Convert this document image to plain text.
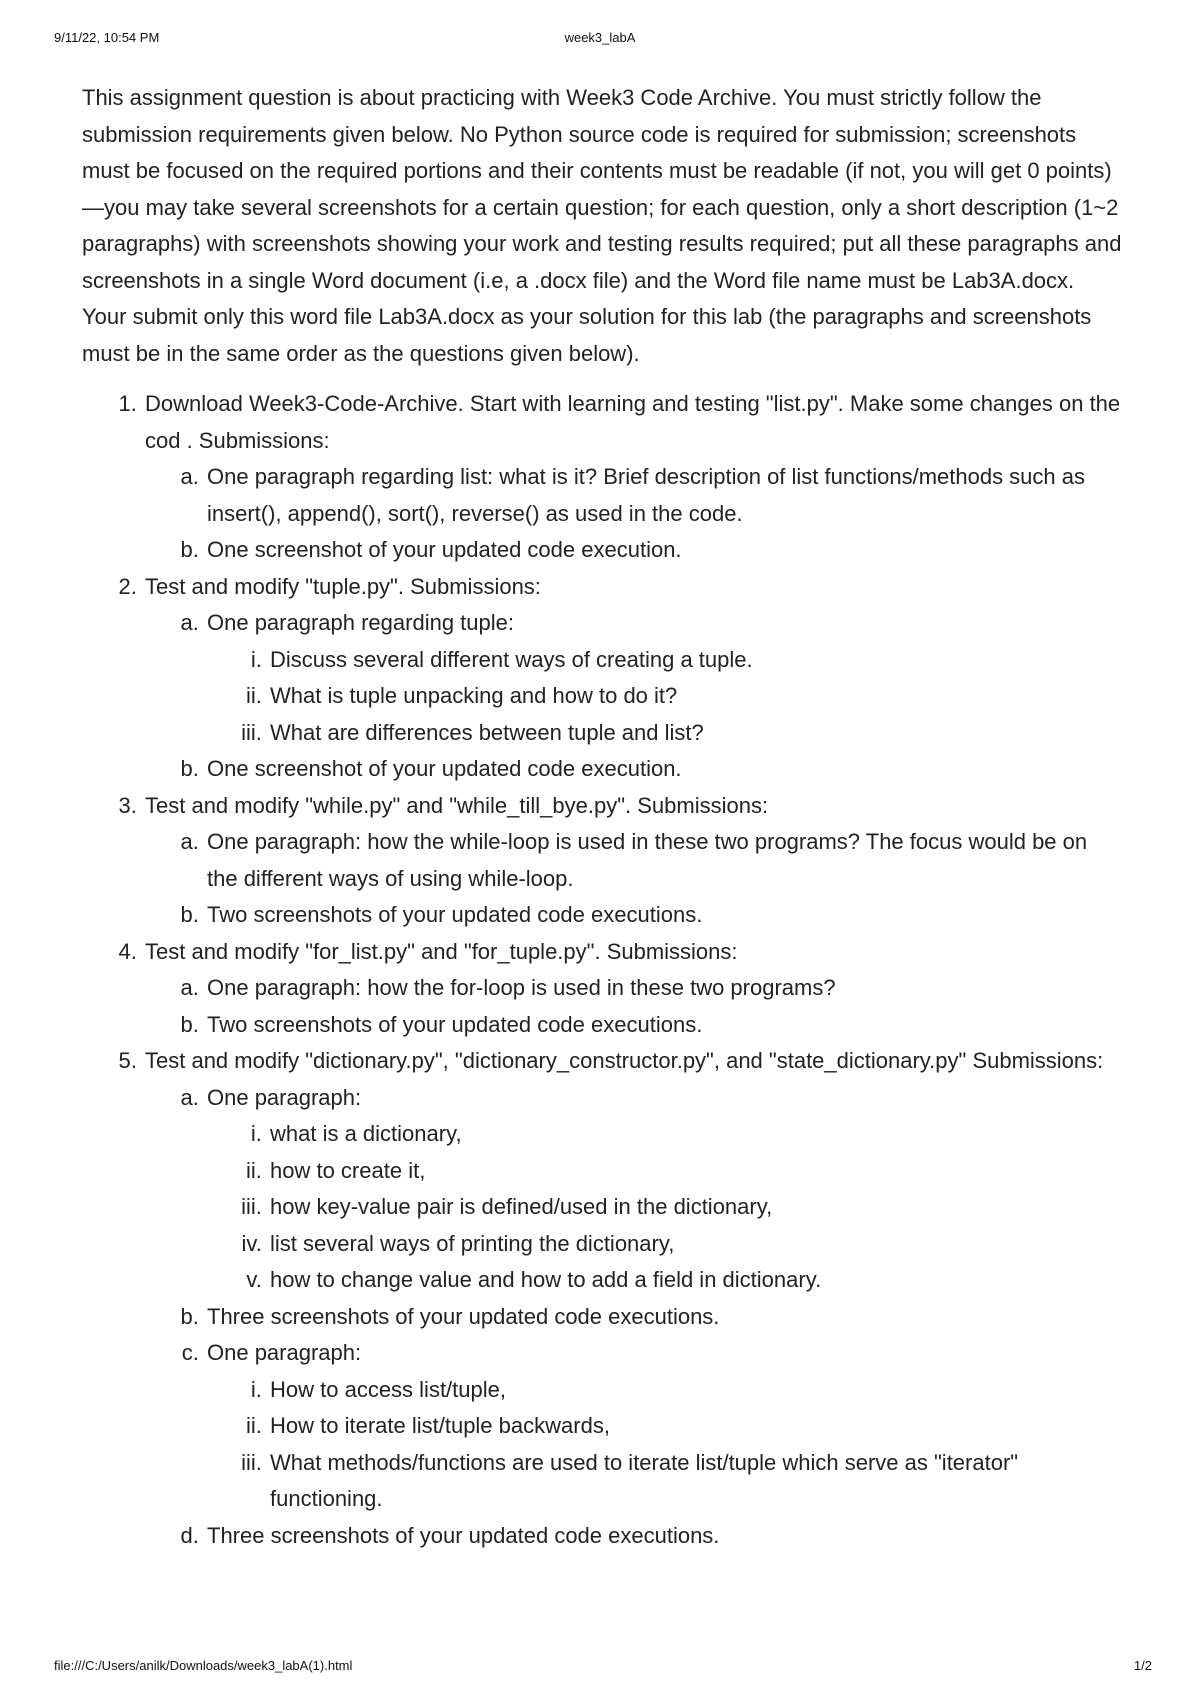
9/11/22, 10:54 PM	week3_labA

This assignment question is about practicing with Week3 Code Archive. You must strictly follow the submission requirements given below. No Python source code is required for submission; screenshots must be focused on the required portions and their contents must be readable (if not, you will get 0 points)—you may take several screenshots for a certain question; for each question, only a short description (1~2 paragraphs) with screenshots showing your work and testing results required; put all these paragraphs and screenshots in a single Word document (i.e, a .docx file) and the Word file name must be Lab3A.docx. Your submit only this word file Lab3A.docx as your solution for this lab (the paragraphs and screenshots must be in the same order as the questions given below).

1. Download Week3-Code-Archive. Start with learning and testing "list.py". Make some changes on the cod . Submissions:
a. One paragraph regarding list: what is it? Brief description of list functions/methods such as insert(), append(), sort(), reverse() as used in the code.
b. One screenshot of your updated code execution.
2. Test and modify "tuple.py". Submissions:
a. One paragraph regarding tuple:
i. Discuss several different ways of creating a tuple.
ii. What is tuple unpacking and how to do it?
iii. What are differences between tuple and list?
b. One screenshot of your updated code execution.
3. Test and modify "while.py" and "while_till_bye.py". Submissions:
a. One paragraph: how the while-loop is used in these two programs? The focus would be on the different ways of using while-loop.
b. Two screenshots of your updated code executions.
4. Test and modify "for_list.py" and "for_tuple.py". Submissions:
a. One paragraph: how the for-loop is used in these two programs?
b. Two screenshots of your updated code executions.
5. Test and modify "dictionary.py", "dictionary_constructor.py", and "state_dictionary.py" Submissions:
a. One paragraph:
i. what is a dictionary,
ii. how to create it,
iii. how key-value pair is defined/used in the dictionary,
iv. list several ways of printing the dictionary,
v. how to change value and how to add a field in dictionary.
b. Three screenshots of your updated code executions.
c. One paragraph:
i. How to access list/tuple,
ii. How to iterate list/tuple backwards,
iii. What methods/functions are used to iterate list/tuple which serve as "iterator" functioning.
d. Three screenshots of your updated code executions.
file:///C:/Users/anilk/Downloads/week3_labA(1).html	1/2
